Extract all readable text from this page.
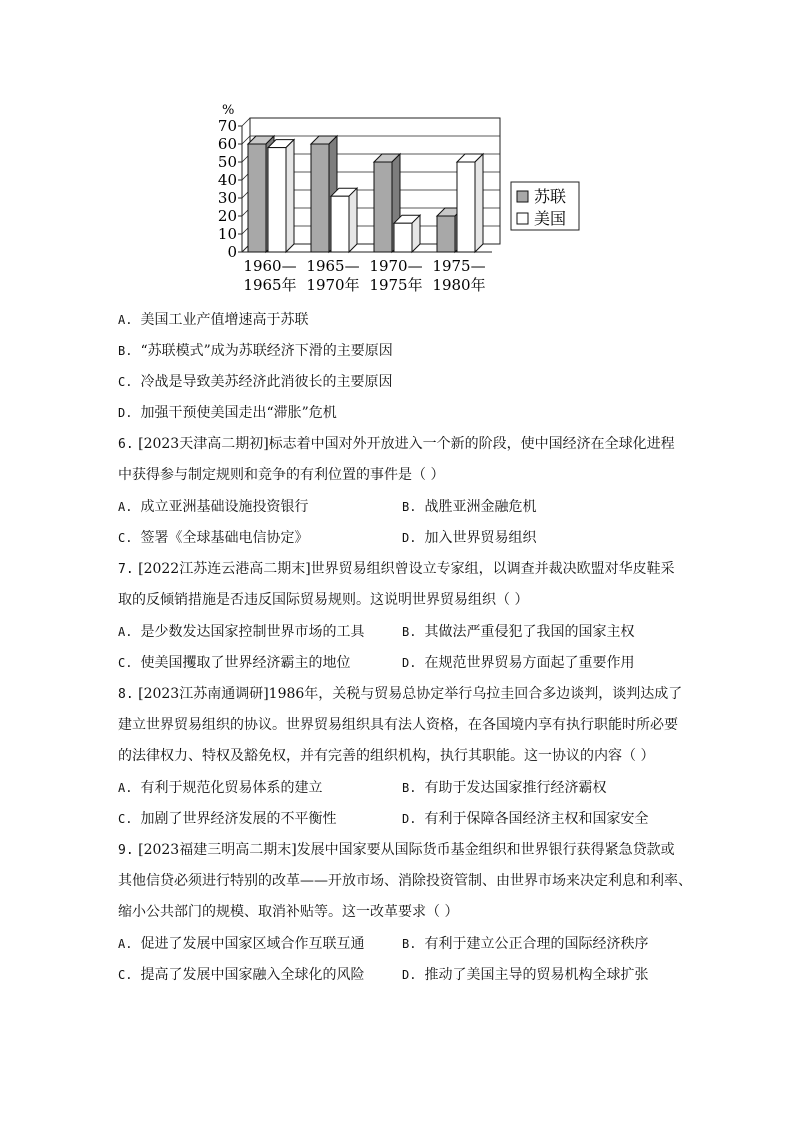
0
10
20
30
40
50
60
70
%
1960—
1965年
1965—
1970年
1970—
1975年
1975—
1980年
苏联
美国
A. 美国工业产值增速高于苏联
B. “苏联模式”成为苏联经济下滑的主要原因
C. 冷战是导致美苏经济此消彼长的主要原因
D. 加强干预使美国走出“滞胀”危机
6. [2023天津高二期初]标志着中国对外开放进入一个新的阶段，使中国经济在全球化进程
中获得参与制定规则和竞争的有利位置的事件是（ ）
A. 成立亚洲基础设施投资银行	B. 战胜亚洲金融危机
C. 签署《全球基础电信协定》	D. 加入世界贸易组织
7. [2022江苏连云港高二期末]世界贸易组织曾设立专家组，以调查并裁决欧盟对华皮鞋采
取的反倾销措施是否违反国际贸易规则。这说明世界贸易组织（ ）
A. 是少数发达国家控制世界市场的工具	B. 其做法严重侵犯了我国的国家主权
C. 使美国攫取了世界经济霸主的地位	D. 在规范世界贸易方面起了重要作用
8. [2023江苏南通调研]1986年，关税与贸易总协定举行乌拉圭回合多边谈判，谈判达成了
建立世界贸易组织的协议。世界贸易组织具有法人资格，在各国境内享有执行职能时所必要
的法律权力、特权及豁免权，并有完善的组织机构，执行其职能。这一协议的内容（ ）
A. 有利于规范化贸易体系的建立	B. 有助于发达国家推行经济霸权
C. 加剧了世界经济发展的不平衡性	D. 有利于保障各国经济主权和国家安全
9. [2023福建三明高二期末]发展中国家要从国际货币基金组织和世界银行获得紧急贷款或
其他信贷必须进行特别的改革——开放市场、消除投资管制、由世界市场来决定利息和利率、
缩小公共部门的规模、取消补贴等。这一改革要求（ ）
A. 促进了发展中国家区域合作互联互通	B. 有利于建立公正合理的国际经济秩序
C. 提高了发展中国家融入全球化的风险	D. 推动了美国主导的贸易机构全球扩张
